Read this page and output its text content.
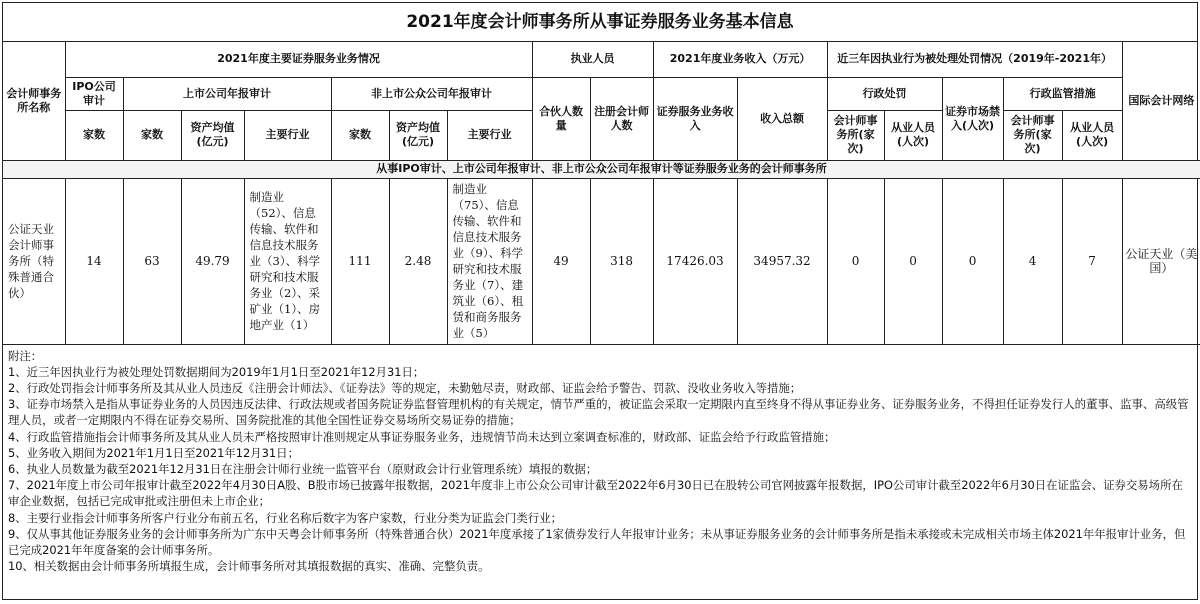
2021年度会计师事务所从事证券服务业务基本信息
会计师事务所名称	2021年度主要证券服务业务情况							执业人员		2021年度业务收入（万元）		近三年因执业行为被处理处罚情况（2019年-2021年）					国际会计网络
	IPO公司审计	上市公司年报审计			非上市公众公司年报审计			合伙人数量	注册会计师人数	证券服务业务收入	收入总额	行政处罚		证券市场禁入(人次)	行政监管措施		
	家数	家数	资产均值(亿元)	主要行业	家数	资产均值(亿元)	主要行业					会计师事务所(家次)	从业人员(人次)		会计师事务所(家次)	从业人员(人次)	
从事IPO审计、上市公司年报审计、非上市公众公司年报审计等证券服务业务的会计师事务所																	
公证天业会计师事务所（特殊普通合伙）	14	63	49.79	制造业（52）、信息传输、软件和信息技术服务业（3）、科学研究和技术服务业（2）、采矿业（1）、房地产业（1）	111	2.48	制造业（75）、信息传输、软件和信息技术服务业（9）、科学研究和技术服务业（7）、建筑业（6）、租赁和商务服务业（5）	49	318	17426.03	34957.32	0	0	0	4	7	公证天业（美国）
附注：
1、近三年因执业行为被处理处罚数据期间为2019年1月1日至2021年12月31日；
2、行政处罚指会计师事务所及其从业人员违反《注册会计师法》、《证券法》等的规定，未勤勉尽责，财政部、证监会给予警告、罚款、没收业务收入等措施；
3、证券市场禁入是指从事证券业务的人员因违反法律、行政法规或者国务院证券监督管理机构的有关规定，情节严重的，被证监会采取一定期限内直至终身不得从事证券业务、证券服务业务，不得担任证券发行人的董事、监事、高级管理人员，或者一定期限内不得在证券交易所、国务院批准的其他全国性证券交易场所交易证券的措施；
4、行政监管措施指会计师事务所及其从业人员未严格按照审计准则规定从事证券服务业务，违规情节尚未达到立案调查标准的，财政部、证监会给予行政监管措施；
5、业务收入期间为2021年1月1日至2021年12月31日；
6、执业人员数量为截至2021年12月31日在注册会计师行业统一监管平台（原财政会计行业管理系统）填报的数据；
7、2021年度上市公司年报审计截至2022年4月30日A股、B股市场已披露年报数据，2021年度非上市公众公司审计截至2022年6月30日已在股转公司官网披露年报数据，IPO公司审计截至2022年6月30日在证监会、证券交易场所在审企业数据，包括已完成审批或注册但未上市企业；
8、主要行业指会计师事务所客户行业分布前五名，行业名称后数字为客户家数，行业分类为证监会门类行业；
9、仅从事其他证券服务业务的会计师事务所为广东中天粤会计师事务所（特殊普通合伙）2021年度承接了1家债券发行人年报审计业务；未从事证券服务业务的会计师事务所是指未承接或未完成相关市场主体2021年年报审计业务，但已完成2021年年度备案的会计师事务所。
10、相关数据由会计师事务所填报生成，会计师事务所对其填报数据的真实、准确、完整负责。
